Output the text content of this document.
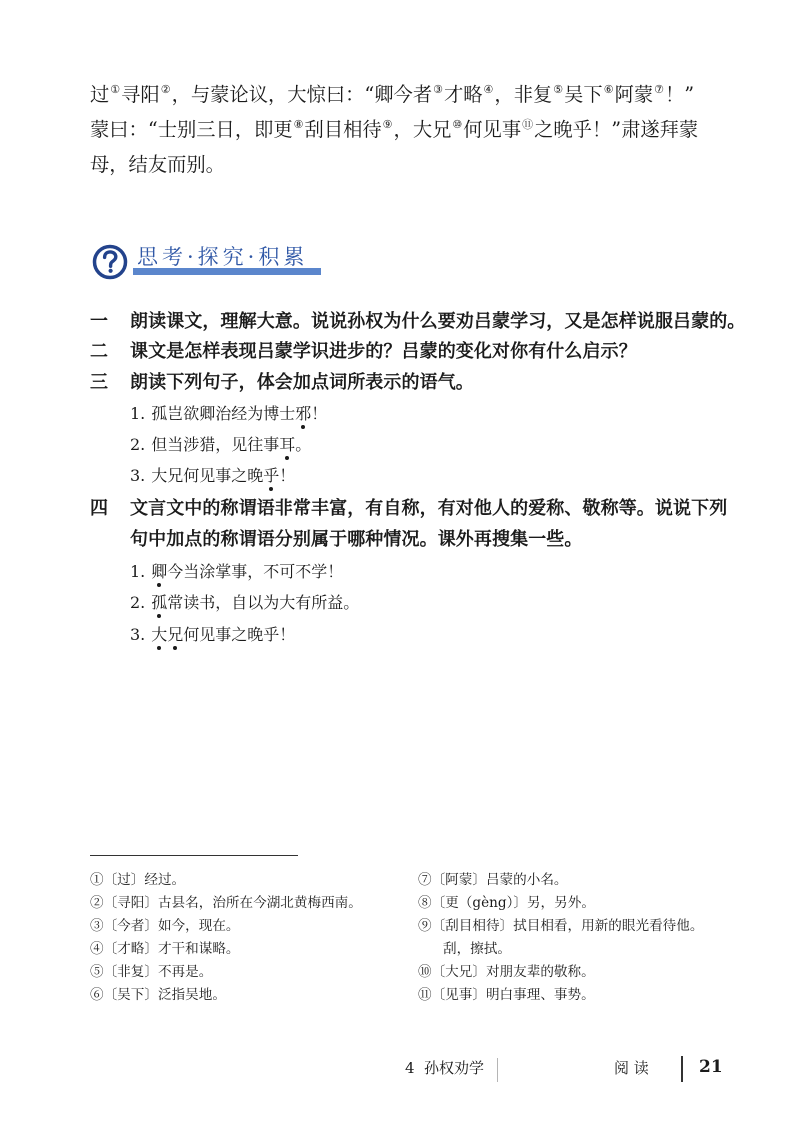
过①寻阳②，与蒙论议，大惊曰：“卿今者③才略④，非复⑤吴下⑥阿蒙⑦！”
蒙曰：“士别三日，即更⑧刮目相待⑨，大兄⑩何见事⑪之晚乎！”肃遂拜蒙
母，结友而别。
思考·探究·积累
一 朗读课文，理解大意。说说孙权为什么要劝吕蒙学习，又是怎样说服吕蒙的。
二 课文是怎样表现吕蒙学识进步的？吕蒙的变化对你有什么启示？
三 朗读下列句子，体会加点词所表示的语气。
1. 孤岂欲卿治经为博士邪！
2. 但当涉猎，见往事耳。
3. 大兄何见事之晚乎！
四 文言文中的称谓语非常丰富，有自称，有对他人的爱称、敬称等。说说下列
句中加点的称谓语分别属于哪种情况。课外再搜集一些。
1. 卿今当涂掌事，不可不学！
2. 孤常读书，自以为大有所益。
3. 大兄何见事之晚乎！
①〔过〕经过。
②〔寻阳〕古县名，治所在今湖北黄梅西南。
③〔今者〕如今，现在。
④〔才略〕才干和谋略。
⑤〔非复〕不再是。
⑥〔吴下〕泛指吴地。
⑦〔阿蒙〕吕蒙的小名。
⑧〔更（gèng）〕另，另外。
⑨〔刮目相待〕拭目相看，用新的眼光看待他。
刮，擦拭。
⑩〔大兄〕对朋友辈的敬称。
⑪〔见事〕明白事理、事势。
4 孙权劝学	阅 读	21
